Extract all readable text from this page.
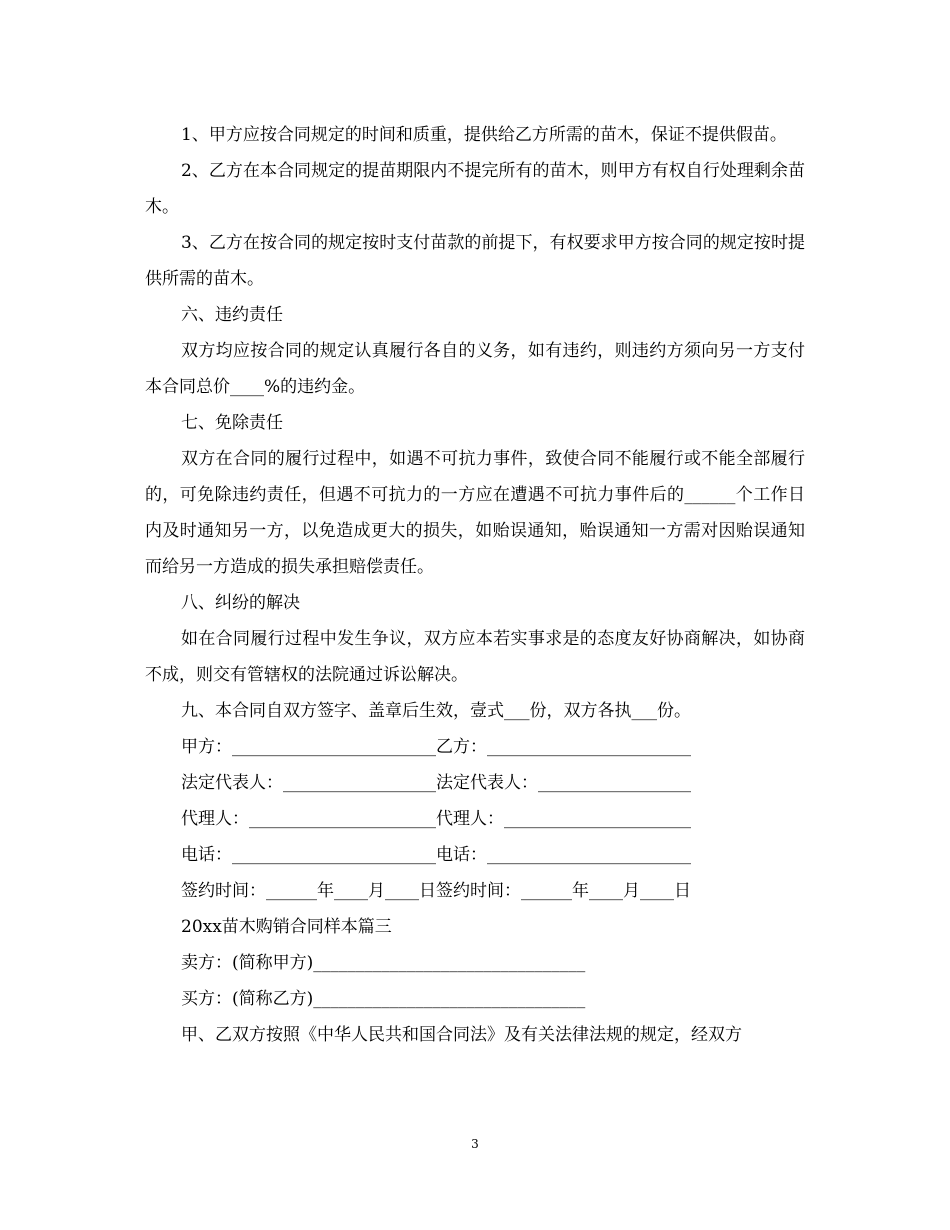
1、甲方应按合同规定的时间和质重，提供给乙方所需的苗木，保证不提供假苗。

2、乙方在本合同规定的提苗期限内不提完所有的苗木，则甲方有权自行处理剩余苗木。

3、乙方在按合同的规定按时支付苗款的前提下，有权要求甲方按合同的规定按时提供所需的苗木。

六、违约责任

双方均应按合同的规定认真履行各自的义务，如有违约，则违约方须向另一方支付本合同总价____%的违约金。

七、免除责任

双方在合同的履行过程中，如遇不可抗力事件，致使合同不能履行或不能全部履行的，可免除违约责任，但遇不可抗力的一方应在遭遇不可抗力事件后的______个工作日内及时通知另一方，以免造成更大的损失，如贻误通知，贻误通知一方需对因贻误通知而给另一方造成的损失承担赔偿责任。

八、纠纷的解决

如在合同履行过程中发生争议，双方应本若实事求是的态度友好协商解决，如协商不成，则交有管辖权的法院通过诉讼解决。

九、本合同自双方签字、盖章后生效，壹式___份，双方各执___份。

甲方：________________________乙方：________________________

法定代表人：__________________法定代表人：__________________

代理人：______________________代理人：______________________

电话：________________________电话：________________________

签约时间：______年____月____日签约时间：______年____月____日

20xx苗木购销合同样本篇三

卖方：(简称甲方)________________________________

买方：(简称乙方)________________________________

甲、乙双方按照《中华人民共和国合同法》及有关法律法规的规定，经双方

3
